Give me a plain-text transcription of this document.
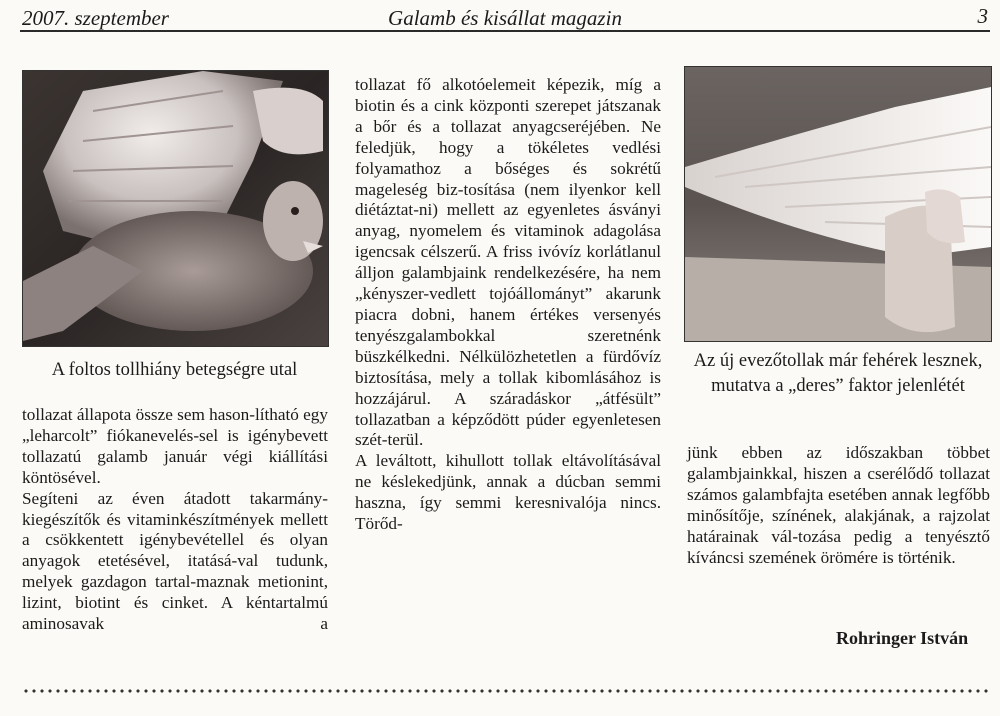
2007. szeptember	Galamb és kisállat magazin	3
A foltos tollhiány betegségre utal	Az új evezőtollak már fehérek lesznek, mutatva a „deres” faktor jelenlétét

tollazat állapota össze sem hason-lítható egy „leharcolt” fiókanevelés-sel is igénybevett tollazatú galamb január végi kiállítási köntösével.

Segíteni az éven átadott takarmány-kiegészítők és vitaminkészítmények mellett a csökkentett igénybevétellel és olyan anyagok etetésével, itatásá-val tudunk, melyek gazdagon tartal-maznak metionint, lizint, biotint és cinket. A kéntartalmú aminosavak a

tollazat fő alkotóelemeit képezik, míg a biotin és a cink központi szerepet játszanak a bőr és a tollazat anyagcseréjében. Ne feledjük, hogy a tökéletes vedlési folyamathoz a bőséges és sokrétű mageleség biz-tosítása (nem ilyenkor kell diétáztat-ni) mellett az egyenletes ásványi anyag, nyomelem és vitaminok adagolása igencsak célszerű. A friss ivóvíz korlátlanul álljon galambjaink rendelkezésére, ha nem „kényszer-vedlett tojóállományt” akarunk piacra dobni, hanem értékes versenyés tenyészgalambokkal szeretnénk büszkélkedni. Nélkülözhetetlen a fürdővíz biztosítása, mely a tollak kibomlásához is hozzájárul. A száradáskor „átfésült” tollazatban a képződött púder egyenletesen szét-terül.

A leváltott, kihullott tollak eltávolításával ne késlekedjünk, annak a dúcban semmi haszna, így semmi keresnivalója nincs. Törőd-

jünk ebben az időszakban többet galambjainkkal, hiszen a cserélődő tollazat számos galambfajta esetében annak legfőbb minősítője, színének, alakjának, a rajzolat határainak vál-tozása pedig a tenyésztő kíváncsi szemének örömére is történik.

Rohringer István
